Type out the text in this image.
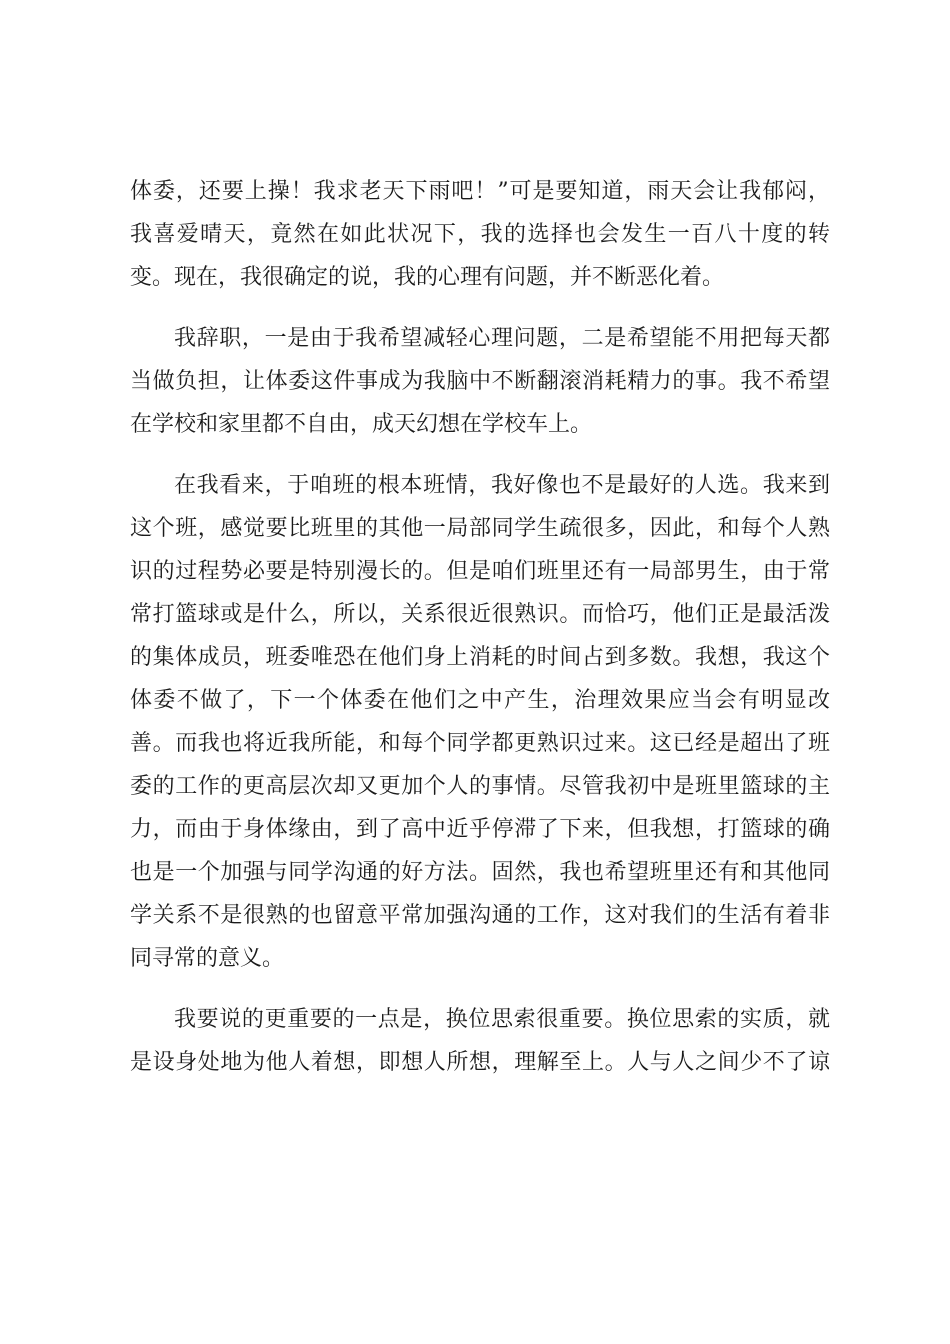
体委，还要上操！我求老天下雨吧！”可是要知道，雨天会让我郁闷，
我喜爱晴天，竟然在如此状况下，我的选择也会发生一百八十度的转
变。现在，我很确定的说，我的心理有问题，并不断恶化着。

我辞职，一是由于我希望减轻心理问题，二是希望能不用把每天都
当做负担，让体委这件事成为我脑中不断翻滚消耗精力的事。我不希望
在学校和家里都不自由，成天幻想在学校车上。

在我看来，于咱班的根本班情，我好像也不是最好的人选。我来到
这个班，感觉要比班里的其他一局部同学生疏很多，因此，和每个人熟
识的过程势必要是特别漫长的。但是咱们班里还有一局部男生，由于常
常打篮球或是什么，所以，关系很近很熟识。而恰巧，他们正是最活泼
的集体成员，班委唯恐在他们身上消耗的时间占到多数。我想，我这个
体委不做了，下一个体委在他们之中产生，治理效果应当会有明显改
善。而我也将近我所能，和每个同学都更熟识过来。这已经是超出了班
委的工作的更高层次却又更加个人的事情。尽管我初中是班里篮球的主
力，而由于身体缘由，到了高中近乎停滞了下来，但我想，打篮球的确
也是一个加强与同学沟通的好方法。固然，我也希望班里还有和其他同
学关系不是很熟的也留意平常加强沟通的工作，这对我们的生活有着非
同寻常的意义。

我要说的更重要的一点是，换位思索很重要。换位思索的实质，就
是设身处地为他人着想，即想人所想，理解至上。人与人之间少不了谅
